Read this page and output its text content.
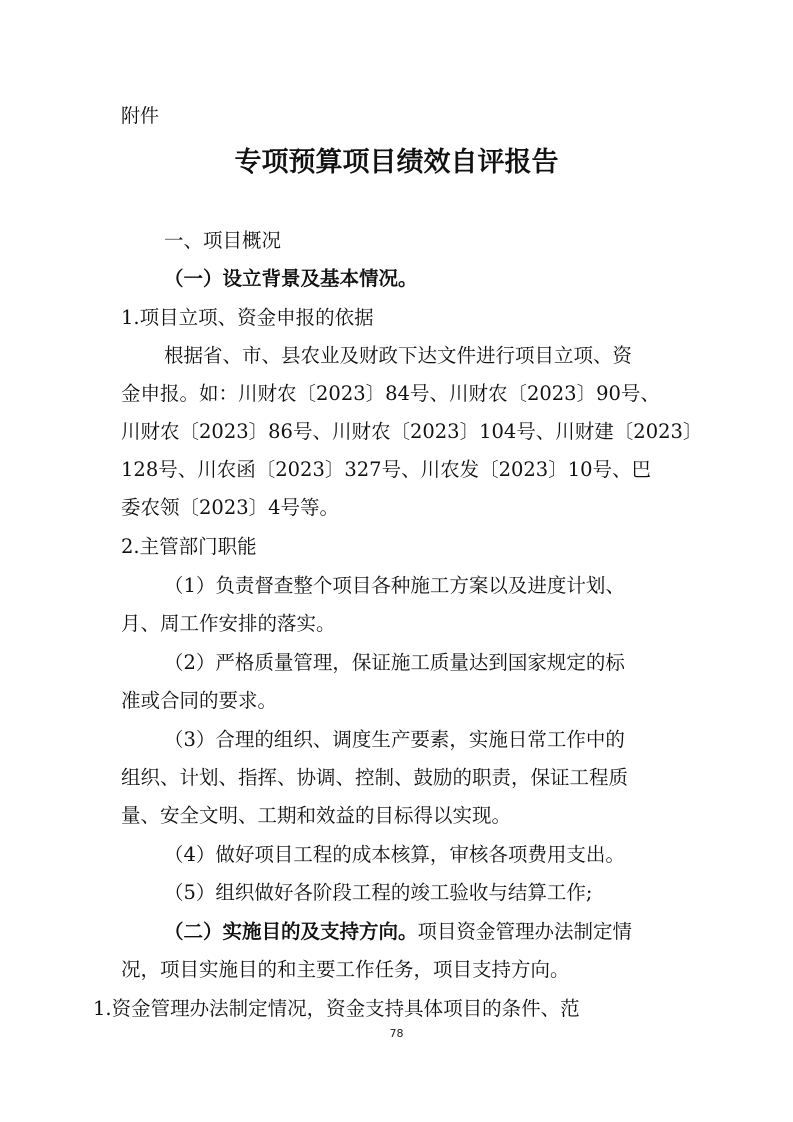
附件
专项预算项目绩效自评报告
一、项目概况
（一）设立背景及基本情况。
1.项目立项、资金申报的依据
根据省、市、县农业及财政下达文件进行项目立项、资
金申报。如：川财农〔2023〕84号、川财农〔2023〕90号、
川财农〔2023〕86号、川财农〔2023〕104号、川财建〔2023〕
128号、川农函〔2023〕327号、川农发〔2023〕10号、巴
委农领〔2023〕4号等。
2.主管部门职能
（1）负责督查整个项目各种施工方案以及进度计划、
月、周工作安排的落实。
（2）严格质量管理，保证施工质量达到国家规定的标
准或合同的要求。
（3）合理的组织、调度生产要素，实施日常工作中的
组织、计划、指挥、协调、控制、鼓励的职责，保证工程质
量、安全文明、工期和效益的目标得以实现。
（4）做好项目工程的成本核算，审核各项费用支出。
（5）组织做好各阶段工程的竣工验收与结算工作;
（二）实施目的及支持方向。项目资金管理办法制定情
况，项目实施目的和主要工作任务，项目支持方向。
1.资金管理办法制定情况，资金支持具体项目的条件、范
78
